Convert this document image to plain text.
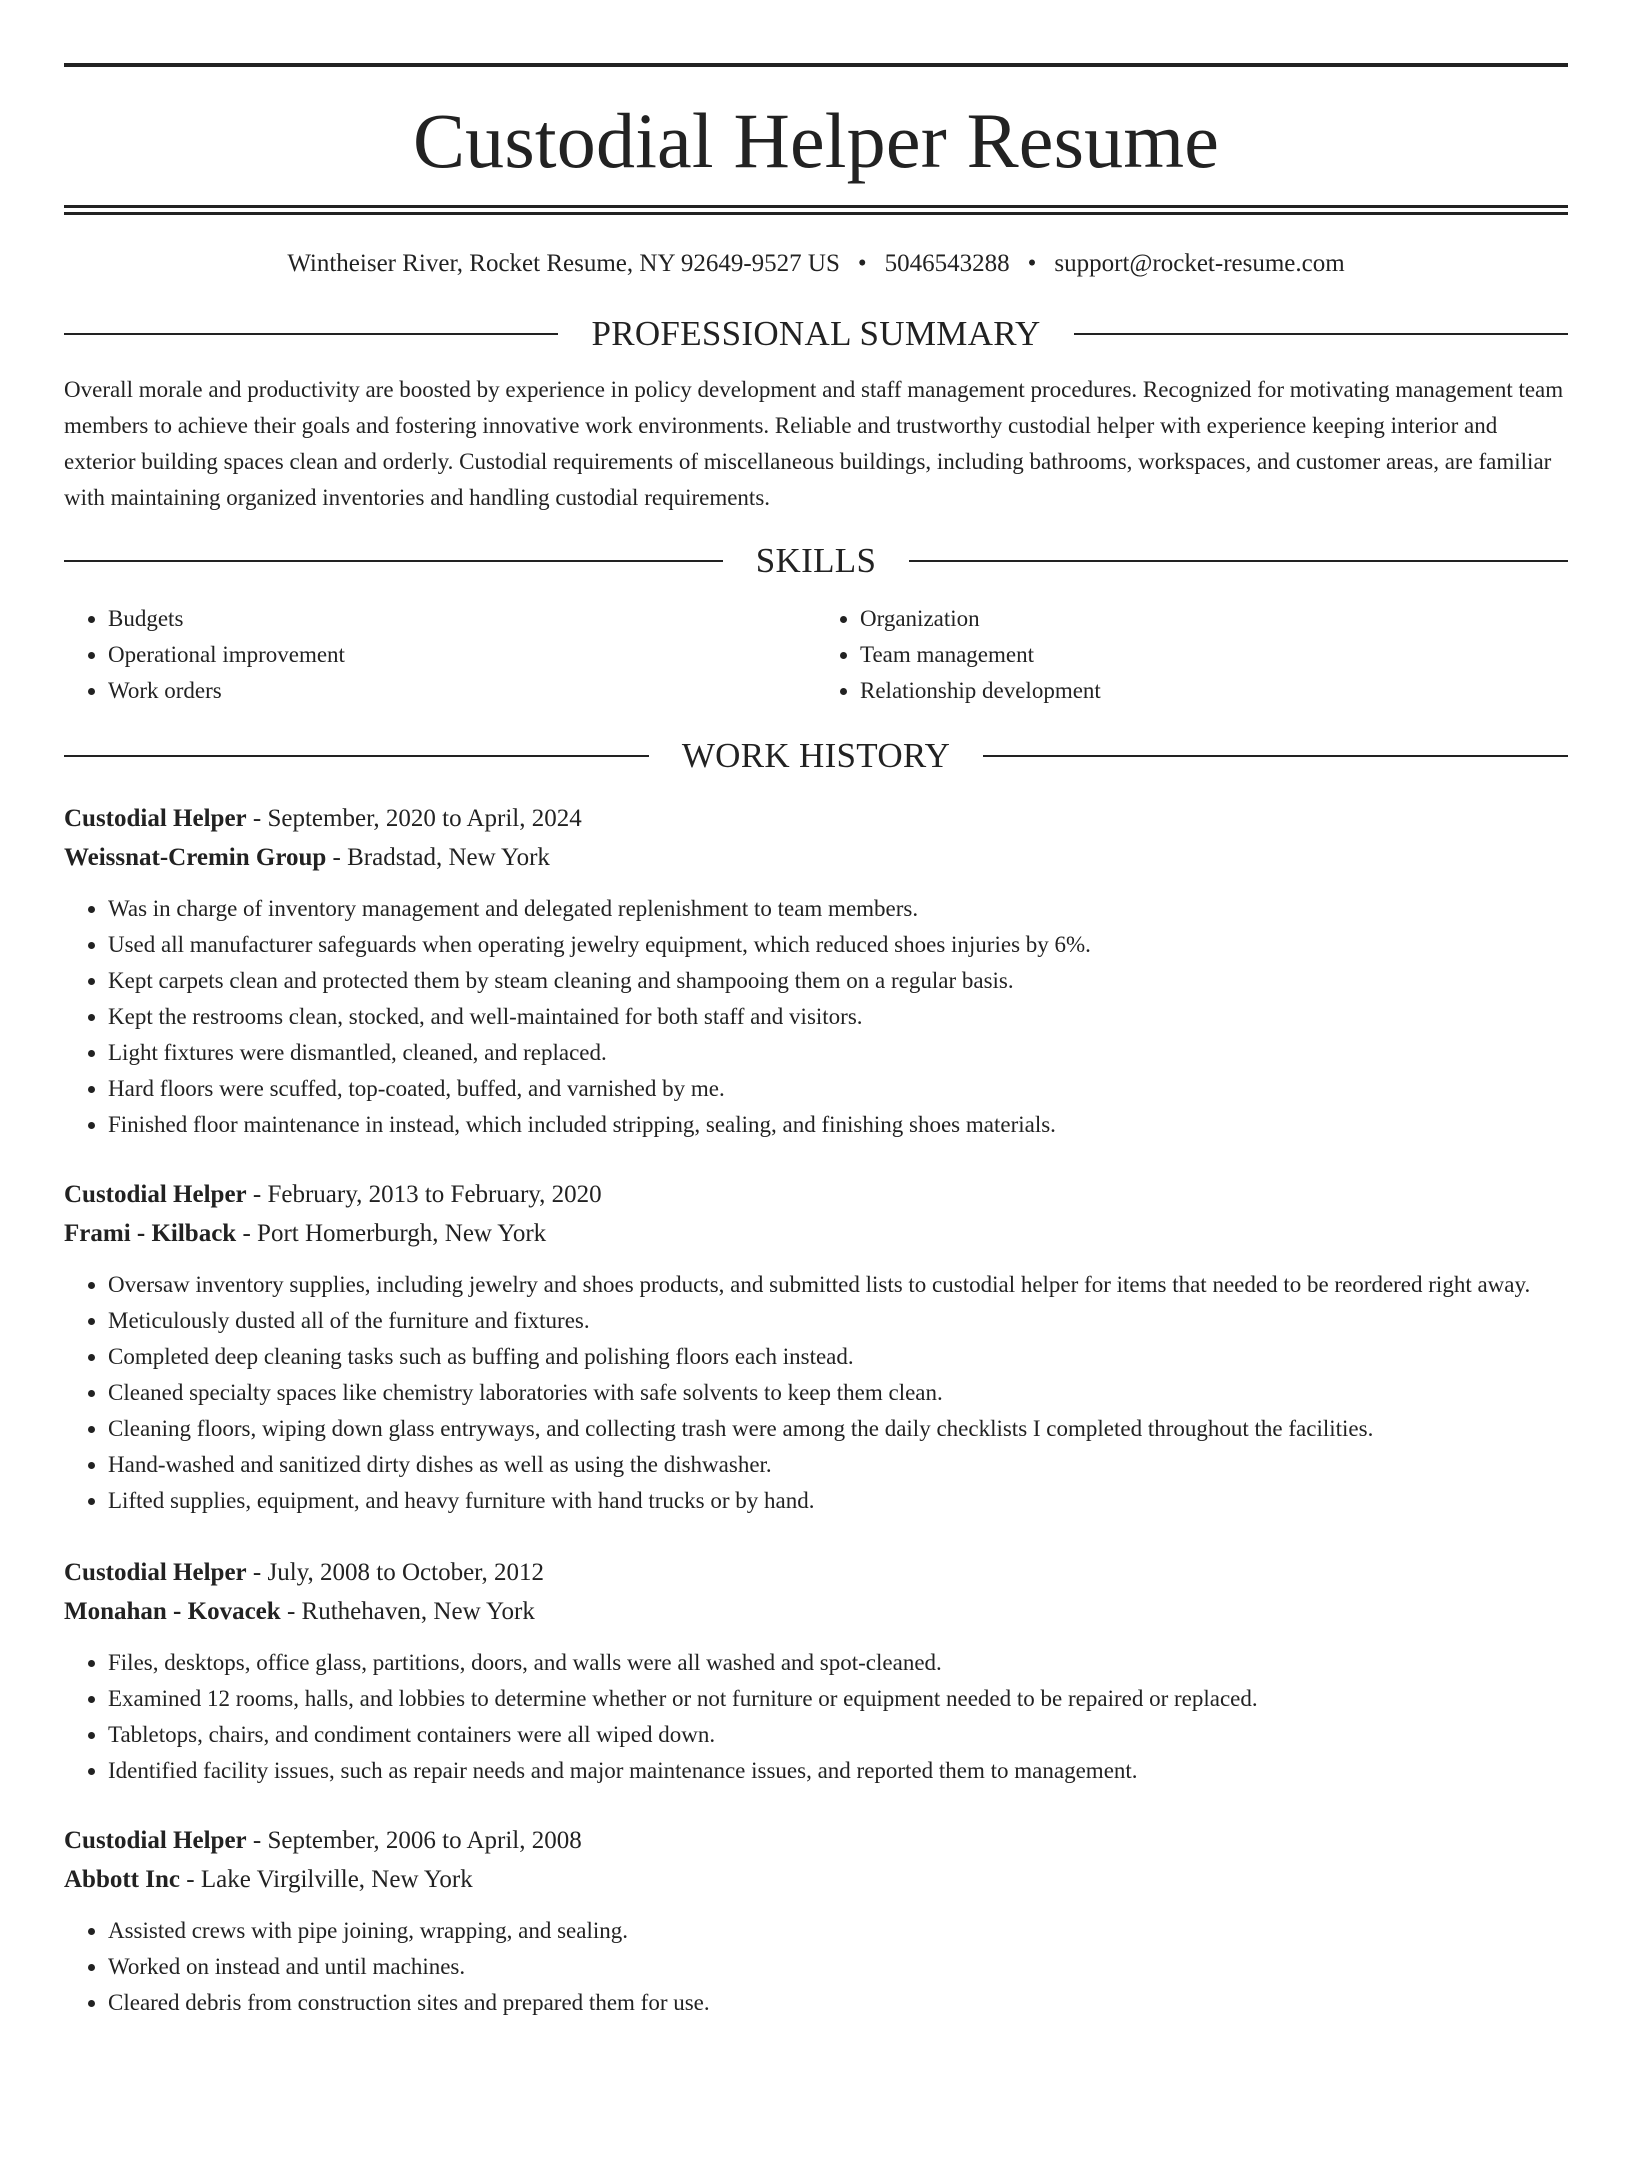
Custodial Helper Resume
Wintheiser River, Rocket Resume, NY 92649-9527 US • 5046543288 • support@rocket-resume.com
PROFESSIONAL SUMMARY

Overall morale and productivity are boosted by experience in policy development and staff management procedures. Recognized for motivating management team members to achieve their goals and fostering innovative work environments. Reliable and trustworthy custodial helper with experience keeping interior and exterior building spaces clean and orderly. Custodial requirements of miscellaneous buildings, including bathrooms, workspaces, and customer areas, are familiar with maintaining organized inventories and handling custodial requirements.

SKILLS
• Budgets
• Operational improvement
• Work orders
• Organization
• Team management
• Relationship development
WORK HISTORY
Custodial Helper - September, 2020 to April, 2024
Weissnat-Cremin Group - Bradstad, New York
• Was in charge of inventory management and delegated replenishment to team members.
• Used all manufacturer safeguards when operating jewelry equipment, which reduced shoes injuries by 6%.
• Kept carpets clean and protected them by steam cleaning and shampooing them on a regular basis.
• Kept the restrooms clean, stocked, and well-maintained for both staff and visitors.
• Light fixtures were dismantled, cleaned, and replaced.
• Hard floors were scuffed, top-coated, buffed, and varnished by me.
• Finished floor maintenance in instead, which included stripping, sealing, and finishing shoes materials.
Custodial Helper - February, 2013 to February, 2020
Frami - Kilback - Port Homerburgh, New York
• Oversaw inventory supplies, including jewelry and shoes products, and submitted lists to custodial helper for items that needed to be reordered right away.
• Meticulously dusted all of the furniture and fixtures.
• Completed deep cleaning tasks such as buffing and polishing floors each instead.
• Cleaned specialty spaces like chemistry laboratories with safe solvents to keep them clean.
• Cleaning floors, wiping down glass entryways, and collecting trash were among the daily checklists I completed throughout the facilities.
• Hand-washed and sanitized dirty dishes as well as using the dishwasher.
• Lifted supplies, equipment, and heavy furniture with hand trucks or by hand.
Custodial Helper - July, 2008 to October, 2012
Monahan - Kovacek - Ruthehaven, New York
• Files, desktops, office glass, partitions, doors, and walls were all washed and spot-cleaned.
• Examined 12 rooms, halls, and lobbies to determine whether or not furniture or equipment needed to be repaired or replaced.
• Tabletops, chairs, and condiment containers were all wiped down.
• Identified facility issues, such as repair needs and major maintenance issues, and reported them to management.
Custodial Helper - September, 2006 to April, 2008
Abbott Inc - Lake Virgilville, New York
• Assisted crews with pipe joining, wrapping, and sealing.
• Worked on instead and until machines.
• Cleared debris from construction sites and prepared them for use.
